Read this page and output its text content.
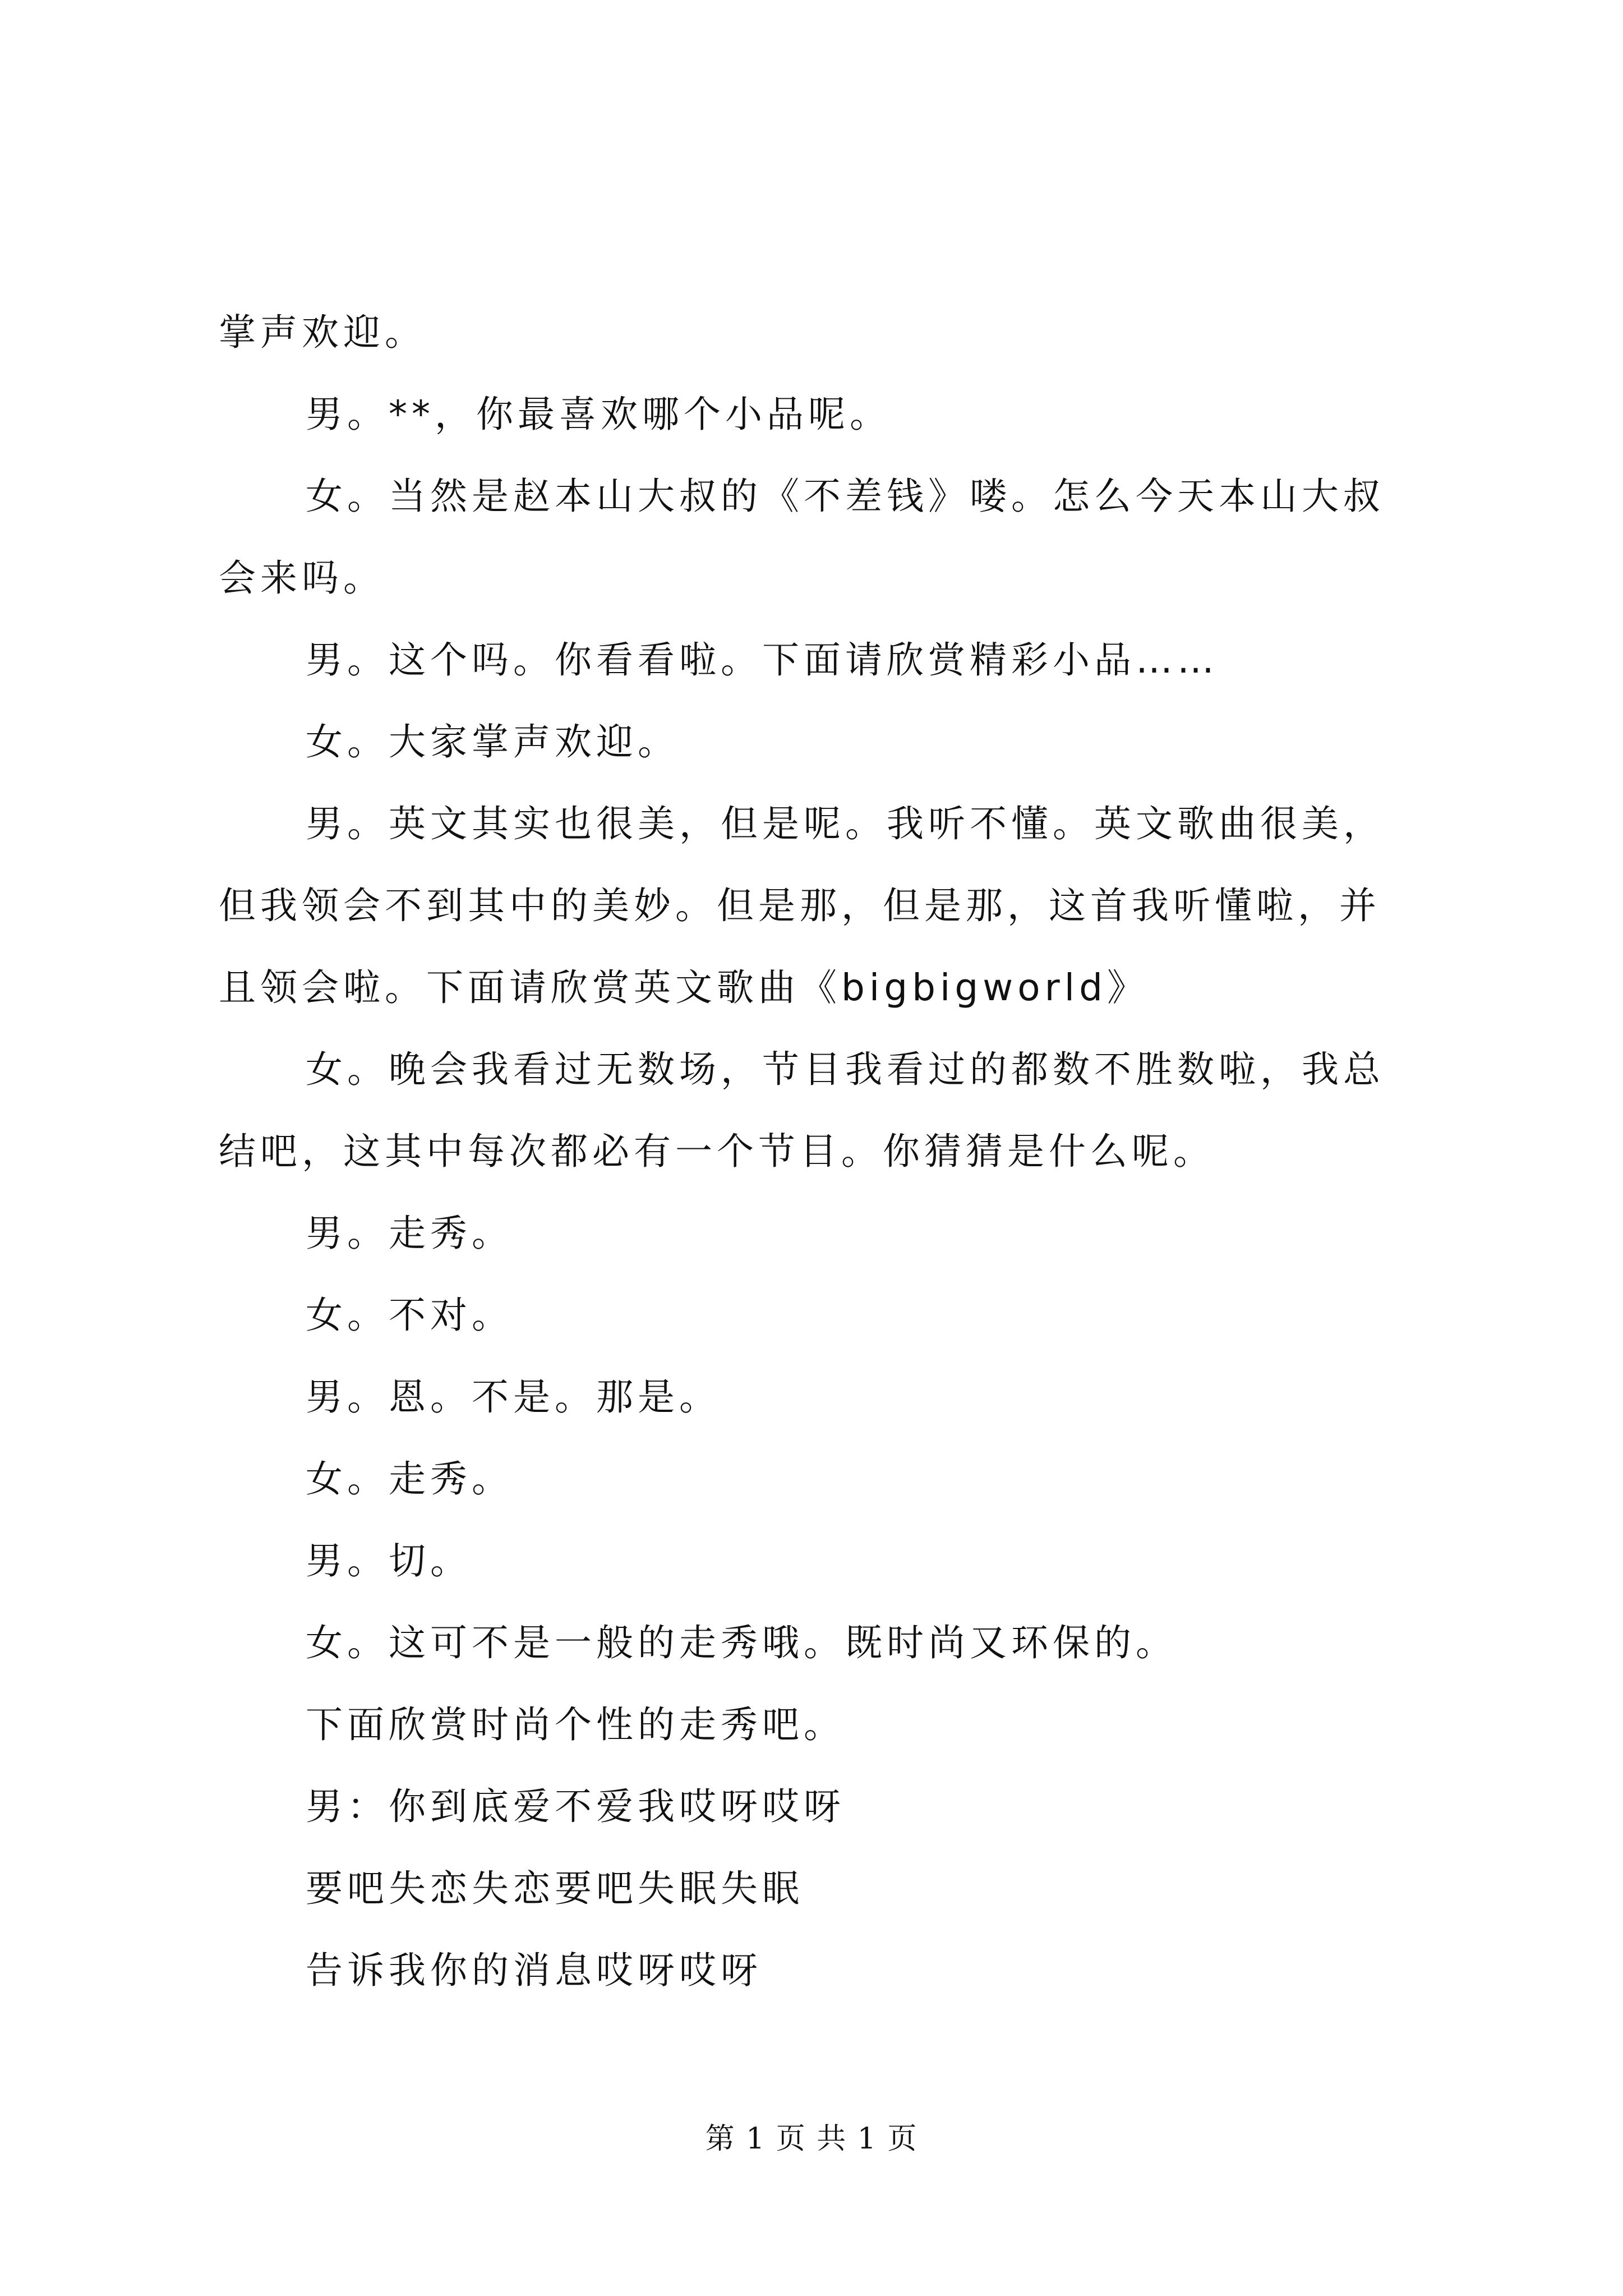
掌声欢迎。
男。**，你最喜欢哪个小品呢。
女。当然是赵本山大叔的《不差钱》喽。怎么今天本山大叔
会来吗。
男。这个吗。你看看啦。下面请欣赏精彩小品……
女。大家掌声欢迎。
男。英文其实也很美，但是呢。我听不懂。英文歌曲很美，
但我领会不到其中的美妙。但是那，但是那，这首我听懂啦，并
且领会啦。下面请欣赏英文歌曲《bigbigworld》
女。晚会我看过无数场，节目我看过的都数不胜数啦，我总
结吧，这其中每次都必有一个节目。你猜猜是什么呢。
男。走秀。
女。不对。
男。恩。不是。那是。
女。走秀。
男。切。
女。这可不是一般的走秀哦。既时尚又环保的。
下面欣赏时尚个性的走秀吧。
男：你到底爱不爱我哎呀哎呀
要吧失恋失恋要吧失眠失眠
告诉我你的消息哎呀哎呀
第 1 页 共 1 页
